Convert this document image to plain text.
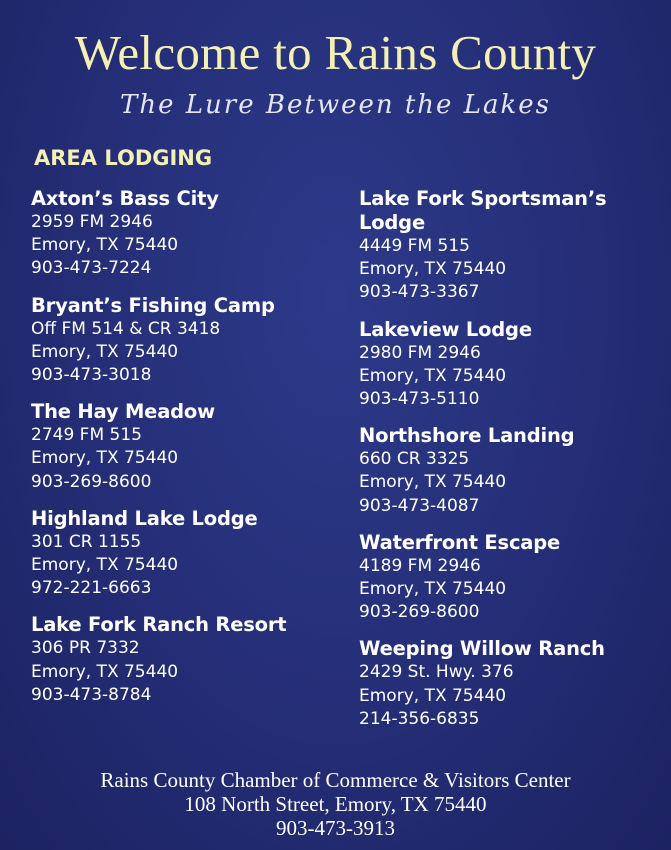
Welcome to Rains County
The Lure Between the Lakes
AREA LODGING
Axton’s Bass City
2959 FM 2946
Emory, TX 75440
903-473-7224
Bryant’s Fishing Camp
Off FM 514 & CR 3418
Emory, TX 75440
903-473-3018
The Hay Meadow
2749 FM 515
Emory, TX 75440
903-269-8600
Highland Lake Lodge
301 CR 1155
Emory, TX 75440
972-221-6663
Lake Fork Ranch Resort
306 PR 7332
Emory, TX 75440
903-473-8784
Lake Fork Sportsman’s Lodge
4449 FM 515
Emory, TX 75440
903-473-3367
Lakeview Lodge
2980 FM 2946
Emory, TX 75440
903-473-5110
Northshore Landing
660 CR 3325
Emory, TX 75440
903-473-4087
Waterfront Escape
4189 FM 2946
Emory, TX 75440
903-269-8600
Weeping Willow Ranch
2429 St. Hwy. 376
Emory, TX 75440
214-356-6835
Rains County Chamber of Commerce & Visitors Center
108 North Street, Emory, TX 75440
903-473-3913
